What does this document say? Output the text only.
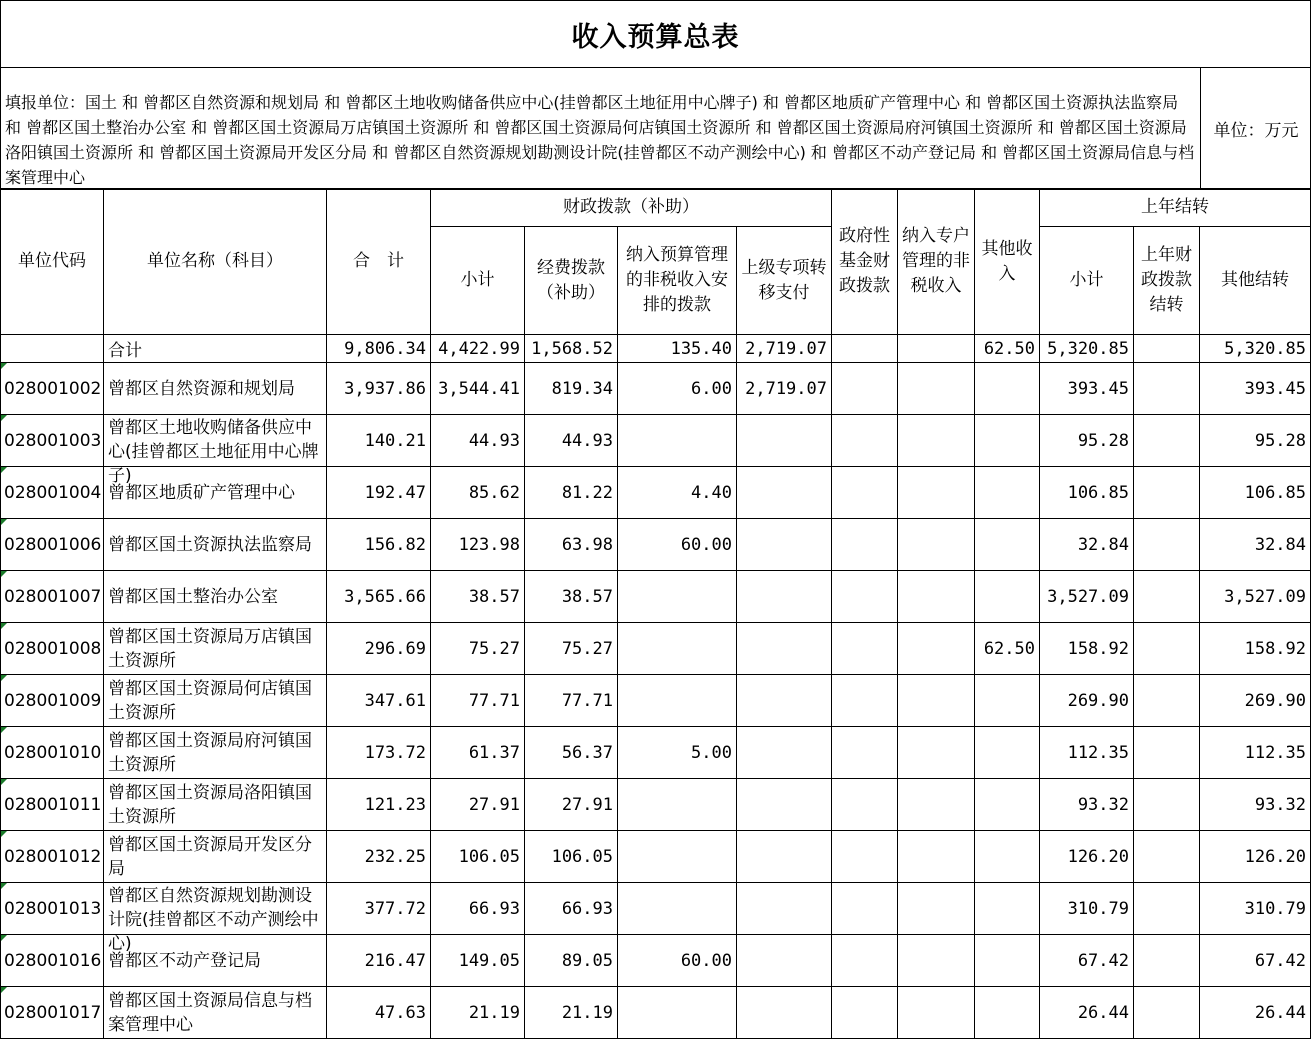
收入预算总表
填报单位：国土 和 曾都区自然资源和规划局 和 曾都区土地收购储备供应中心(挂曾都区土地征用中心牌子) 和 曾都区地质矿产管理中心 和 曾都区国土资源执法监察局 和 曾都区国土整治办公室 和 曾都区国土资源局万店镇国土资源所 和 曾都区国土资源局何店镇国土资源所 和 曾都区国土资源局府河镇国土资源所 和 曾都区国土资源局洛阳镇国土资源所 和 曾都区国土资源局开发区分局 和 曾都区自然资源规划勘测设计院(挂曾都区不动产测绘中心) 和 曾都区不动产登记局 和 曾都区国土资源局信息与档案管理中心
单位：万元
单位代码	单位名称（科目）	合　计	财政拨款（补助）				政府性基金财政拨款	纳入专户管理的非税收入	其他收入	上年结转		
			小计	经费拨款（补助）	纳入预算管理的非税收入安排的拨款	上级专项转移支付				小计	上年财政拨款结转	其他结转
	合计	9,806.34	4,422.99	1,568.52	135.40	2,719.07			62.50	5,320.85		5,320.85
028001002	曾都区自然资源和规划局	3,937.86	3,544.41	819.34	6.00	2,719.07				393.45		393.45
028001003	曾都区土地收购储备供应中心(挂曾都区土地征用中心牌子)	140.21	44.93	44.93						95.28		95.28
028001004	曾都区地质矿产管理中心	192.47	85.62	81.22	4.40					106.85		106.85
028001006	曾都区国土资源执法监察局	156.82	123.98	63.98	60.00					32.84		32.84
028001007	曾都区国土整治办公室	3,565.66	38.57	38.57						3,527.09		3,527.09
028001008	曾都区国土资源局万店镇国土资源所	296.69	75.27	75.27					62.50	158.92		158.92
028001009	曾都区国土资源局何店镇国土资源所	347.61	77.71	77.71						269.90		269.90
028001010	曾都区国土资源局府河镇国土资源所	173.72	61.37	56.37	5.00					112.35		112.35
028001011	曾都区国土资源局洛阳镇国土资源所	121.23	27.91	27.91						93.32		93.32
028001012	曾都区国土资源局开发区分局	232.25	106.05	106.05						126.20		126.20
028001013	曾都区自然资源规划勘测设计院(挂曾都区不动产测绘中心)	377.72	66.93	66.93						310.79		310.79
028001016	曾都区不动产登记局	216.47	149.05	89.05	60.00					67.42		67.42
028001017	曾都区国土资源局信息与档案管理中心	47.63	21.19	21.19						26.44		26.44
